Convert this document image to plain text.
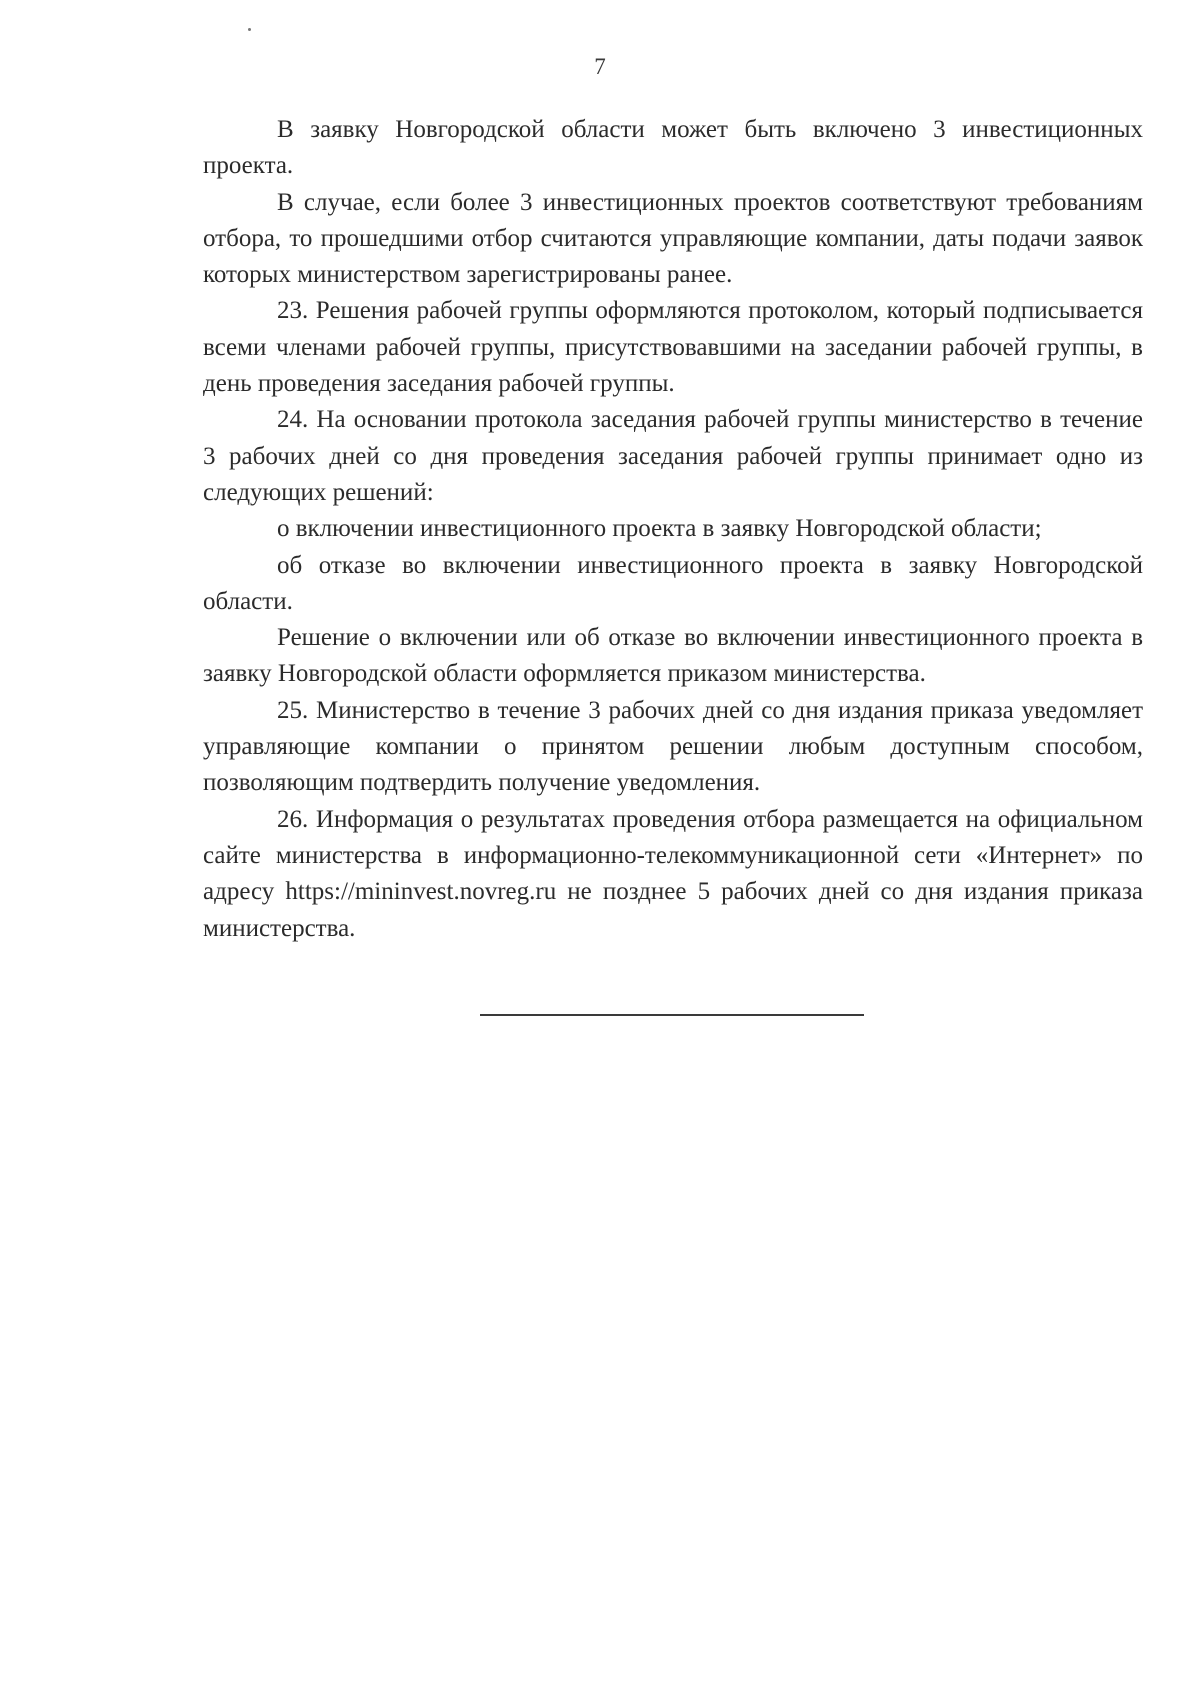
7

В заявку Новгородской области может быть включено 3 инвестиционных проекта.

В случае, если более 3 инвестиционных проектов соответствуют требованиям отбора, то прошедшими отбор считаются управляющие компании, даты подачи заявок которых министерством зарегистрированы ранее.

23. Решения рабочей группы оформляются протоколом, который подписывается всеми членами рабочей группы, присутствовавшими на заседании рабочей группы, в день проведения заседания рабочей группы.

24. На основании протокола заседания рабочей группы министерство в течение 3 рабочих дней со дня проведения заседания рабочей группы принимает одно из следующих решений:

о включении инвестиционного проекта в заявку Новгородской области;

об отказе во включении инвестиционного проекта в заявку Новгородской области.

Решение о включении или об отказе во включении инвестиционного проекта в заявку Новгородской области оформляется приказом министерства.

25. Министерство в течение 3 рабочих дней со дня издания приказа уведомляет управляющие компании о принятом решении любым доступным способом, позволяющим подтвердить получение уведомления.

26. Информация о результатах проведения отбора размещается на официальном сайте министерства в информационно-телекоммуникационной сети «Интернет» по адресу https://mininvest.novreg.ru не позднее 5 рабочих дней со дня издания приказа министерства.
